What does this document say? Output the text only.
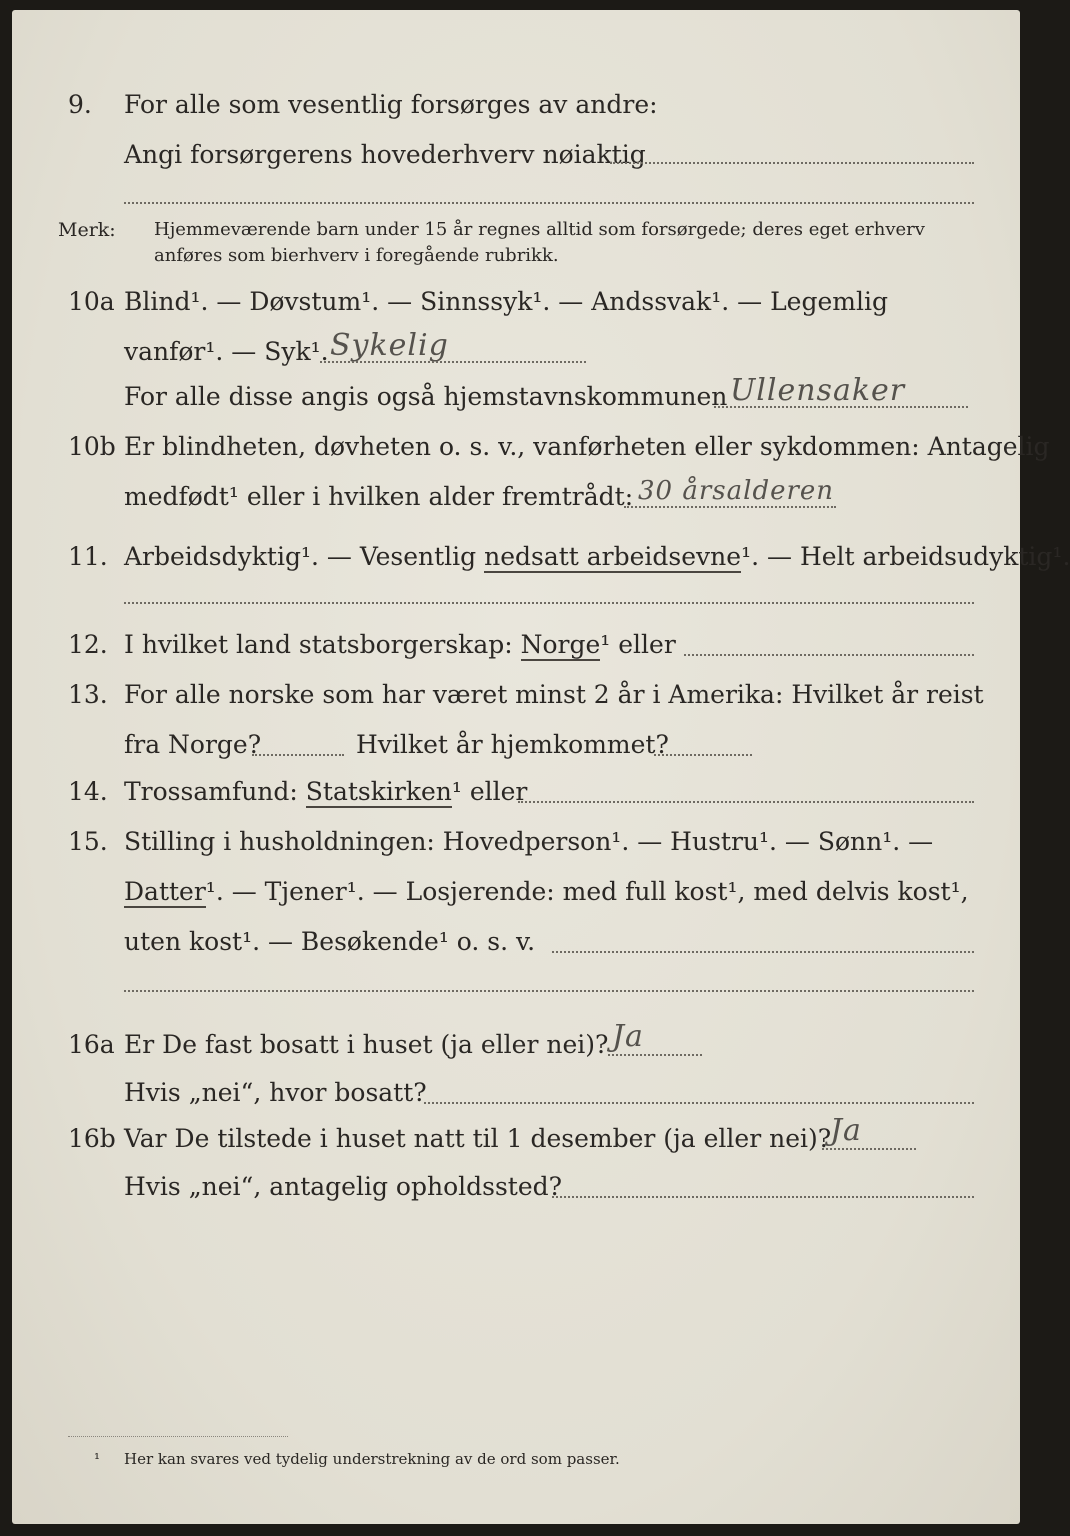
9. For alle som vesentlig forsørges av andre:
Angi forsørgerens hovederhverv nøiaktig
Merk: Hjemmeværende barn under 15 år regnes alltid som forsørgede; deres eget erhverv
anføres som bierhverv i foregående rubrikk.
10a Blind¹. — Døvstum¹. — Sinnssyk¹. — Andssvak¹. — Legemlig
vanfør¹. — Syk¹. Sykelig
For alle disse angis også hjemstavnskommunen Ullensaker
10b Er blindheten, døvheten o. s. v., vanførheten eller sykdommen: Antagelig
medfødt¹ eller i hvilken alder fremtrådt: 30 årsalderen
11. Arbeidsdyktig¹. — Vesentlig nedsatt arbeidsevne¹. — Helt arbeidsudyktig¹.
12. I hvilket land statsborgerskap: Norge¹ eller
13. For alle norske som har været minst 2 år i Amerika: Hvilket år reist
fra Norge?	Hvilket år hjemkommet?
14. Trossamfund: Statskirken¹ eller
15. Stilling i husholdningen: Hovedperson¹. — Hustru¹. — Sønn¹. —
Datter¹. — Tjener¹. — Losjerende: med full kost¹, med delvis kost¹,
uten kost¹. — Besøkende¹ o. s. v.
16a Er De fast bosatt i huset (ja eller nei)? Ja
Hvis „nei“, hvor bosatt?
16b Var De tilstede i huset natt til 1 desember (ja eller nei)?
Ja
Hvis „nei“, antagelig opholdssted?
¹ Her kan svares ved tydelig understrekning av de ord som passer.
